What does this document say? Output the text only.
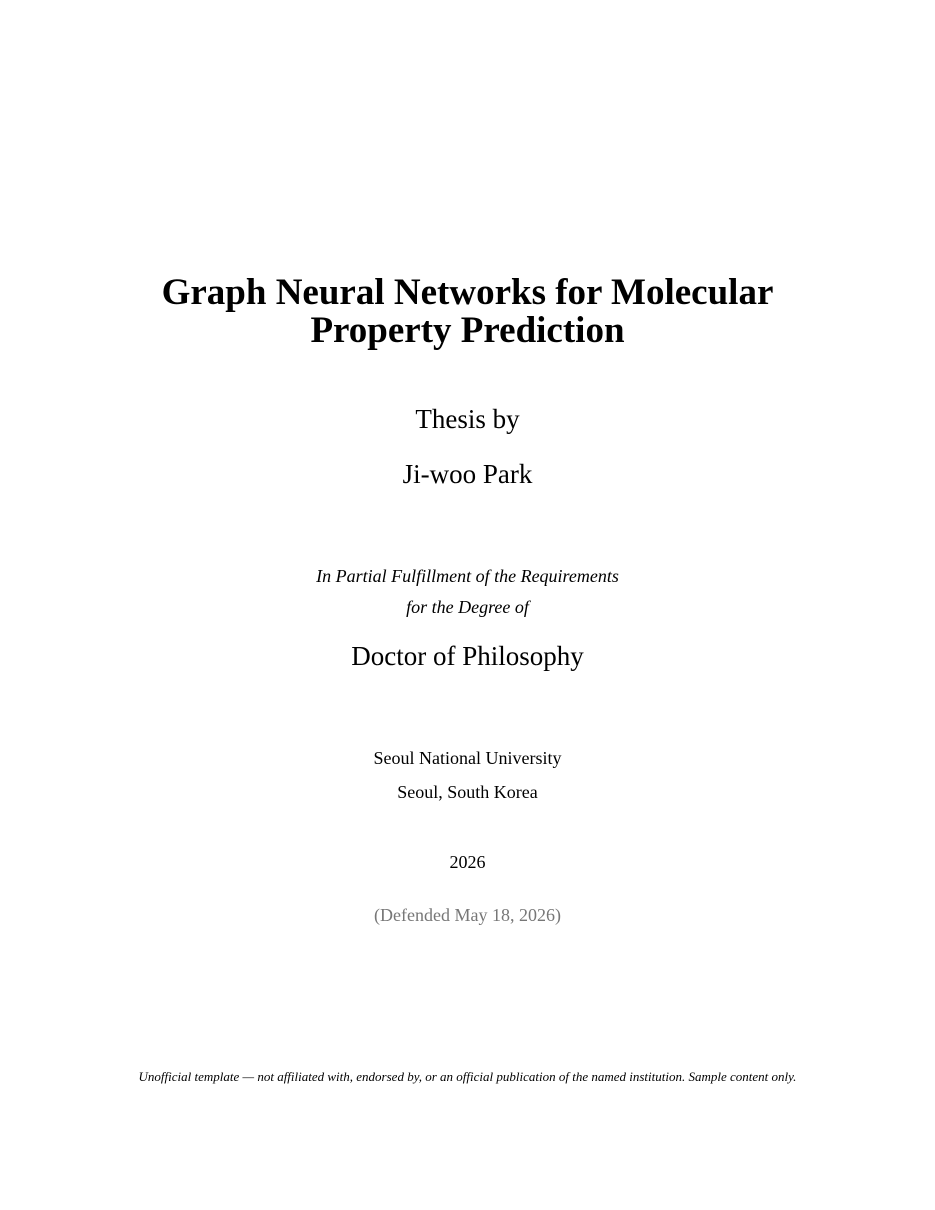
Graph Neural Networks for Molecular
Property Prediction

Thesis by

Ji-woo Park

In Partial Fulfillment of the Requirements

for the Degree of

Doctor of Philosophy

Seoul National University

Seoul, South Korea

2026

(Defended May 18, 2026)

Unofficial template — not affiliated with, endorsed by, or an official publication of the named institution. Sample content only.
